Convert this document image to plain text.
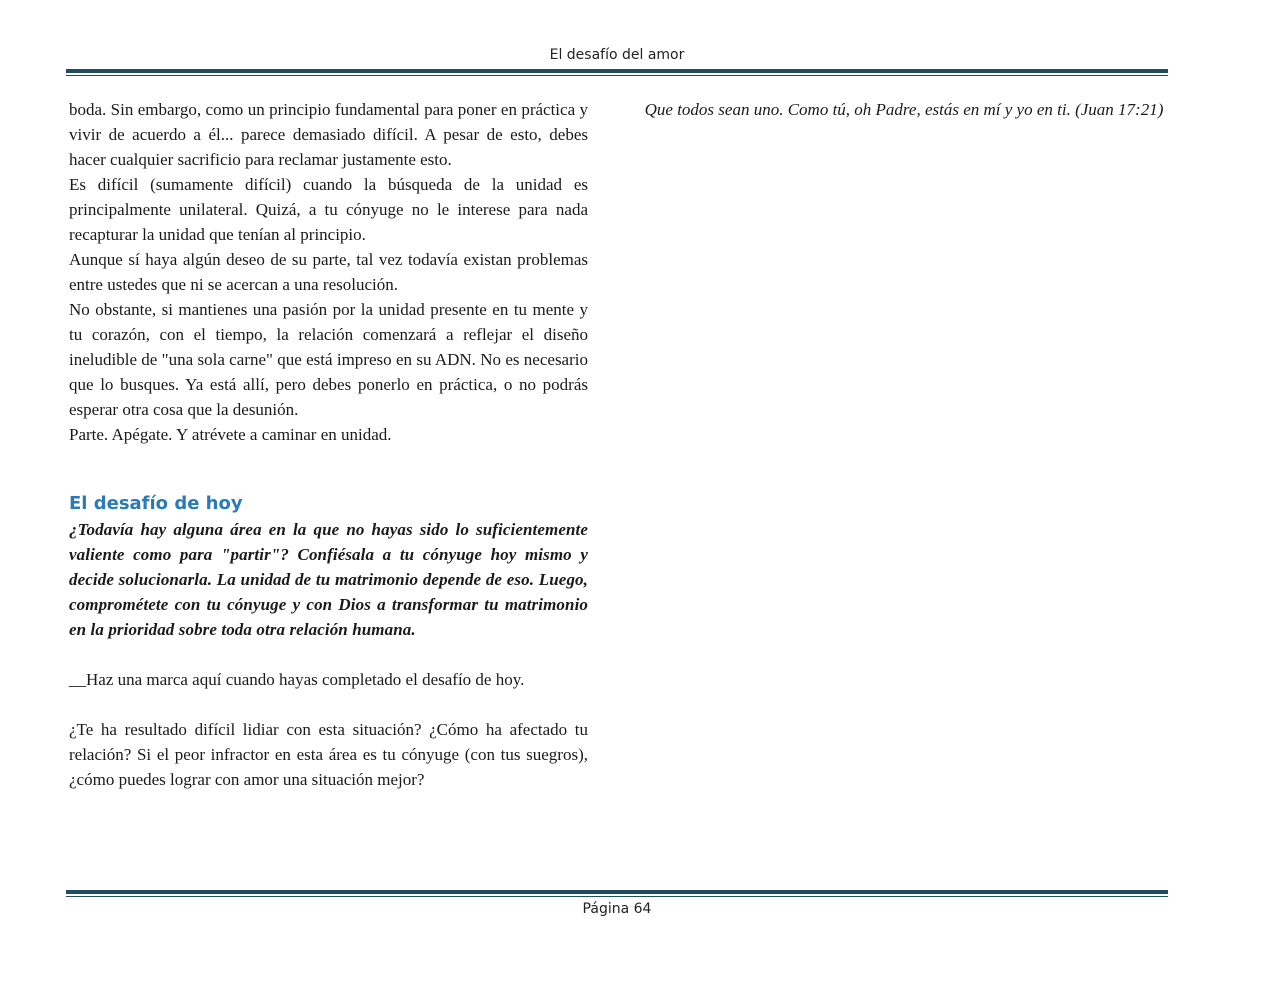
El desafío del amor

boda. Sin embargo, como un principio fundamental para poner en práctica y vivir de acuerdo a él... parece demasiado difícil. A pesar de esto, debes hacer cualquier sacrificio para reclamar justamente esto.

Es difícil (sumamente difícil) cuando la búsqueda de la unidad es principalmente unilateral. Quizá, a tu cónyuge no le interese para nada recapturar la unidad que tenían al principio.

Aunque sí haya algún deseo de su parte, tal vez todavía existan problemas entre ustedes que ni se acercan a una resolución.

No obstante, si mantienes una pasión por la unidad presente en tu mente y tu corazón, con el tiempo, la relación comenzará a reflejar el diseño ineludible de "una sola carne" que está impreso en su ADN. No es necesario que lo busques. Ya está allí, pero debes ponerlo en práctica, o no podrás esperar otra cosa que la desunión.

Parte. Apégate. Y atrévete a caminar en unidad.

El desafío de hoy

¿Todavía hay alguna área en la que no hayas sido lo suficientemente valiente como para "partir"? Confiésala a tu cónyuge hoy mismo y decide solucionarla. La unidad de tu matrimonio depende de eso. Luego, comprométete con tu cónyuge y con Dios a transformar tu matrimonio en la prioridad sobre toda otra relación humana.

__Haz una marca aquí cuando hayas completado el desafío de hoy.

¿Te ha resultado difícil lidiar con esta situación? ¿Cómo ha afectado tu relación? Si el peor infractor en esta área es tu cónyuge (con tus suegros), ¿cómo puedes lograr con amor una situación mejor?

Que todos sean uno. Como tú, oh Padre, estás en mí y yo en ti. (Juan 17:21)

Página 64
